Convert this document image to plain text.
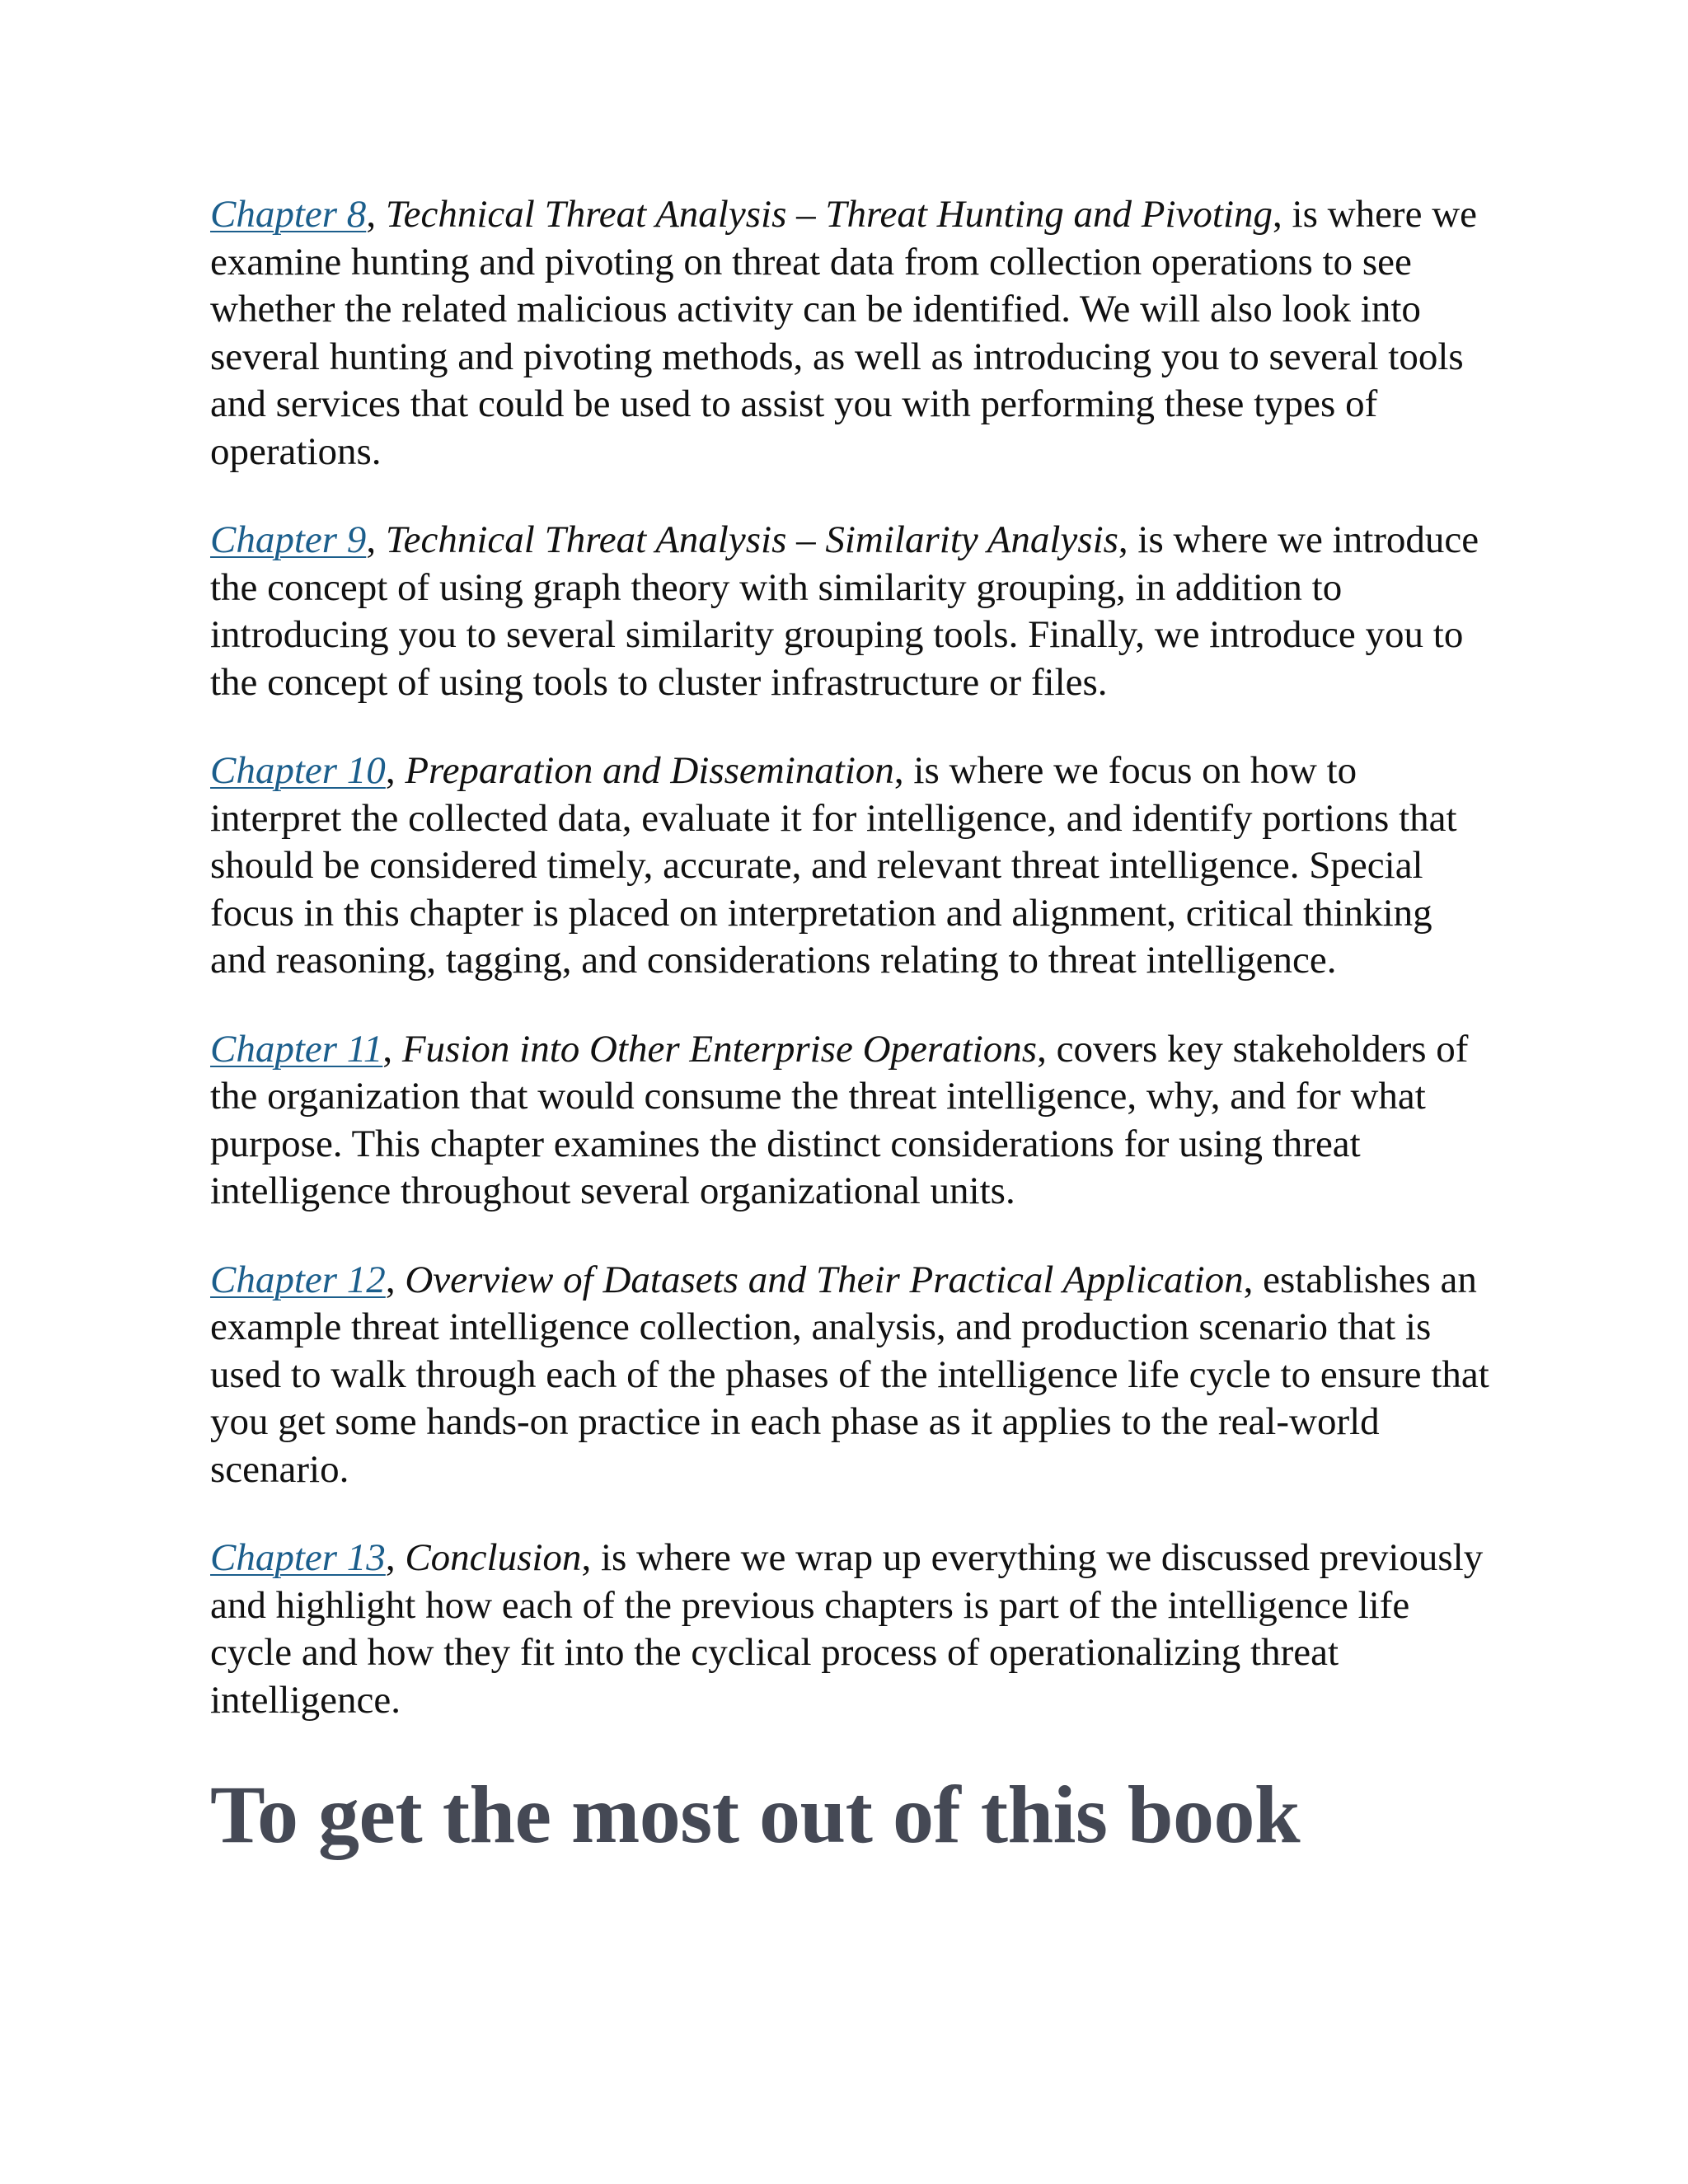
Chapter 8, Technical Threat Analysis – Threat Hunting and Pivoting, is where we examine hunting and pivoting on threat data from collection operations to see whether the related malicious activity can be identified. We will also look into several hunting and pivoting methods, as well as introducing you to several tools and services that could be used to assist you with performing these types of operations.

Chapter 9, Technical Threat Analysis – Similarity Analysis, is where we introduce the concept of using graph theory with similarity grouping, in addition to introducing you to several similarity grouping tools. Finally, we introduce you to the concept of using tools to cluster infrastructure or files.

Chapter 10, Preparation and Dissemination, is where we focus on how to interpret the collected data, evaluate it for intelligence, and identify portions that should be considered timely, accurate, and relevant threat intelligence. Special focus in this chapter is placed on interpretation and alignment, critical thinking and reasoning, tagging, and considerations relating to threat intelligence.

Chapter 11, Fusion into Other Enterprise Operations, covers key stakeholders of the organization that would consume the threat intelligence, why, and for what purpose. This chapter examines the distinct considerations for using threat intelligence throughout several organizational units.

Chapter 12, Overview of Datasets and Their Practical Application, establishes an example threat intelligence collection, analysis, and production scenario that is used to walk through each of the phases of the intelligence life cycle to ensure that you get some hands-on practice in each phase as it applies to the real-world scenario.

Chapter 13, Conclusion, is where we wrap up everything we discussed previously and highlight how each of the previous chapters is part of the intelligence life cycle and how they fit into the cyclical process of operationalizing threat intelligence.

To get the most out of this book
